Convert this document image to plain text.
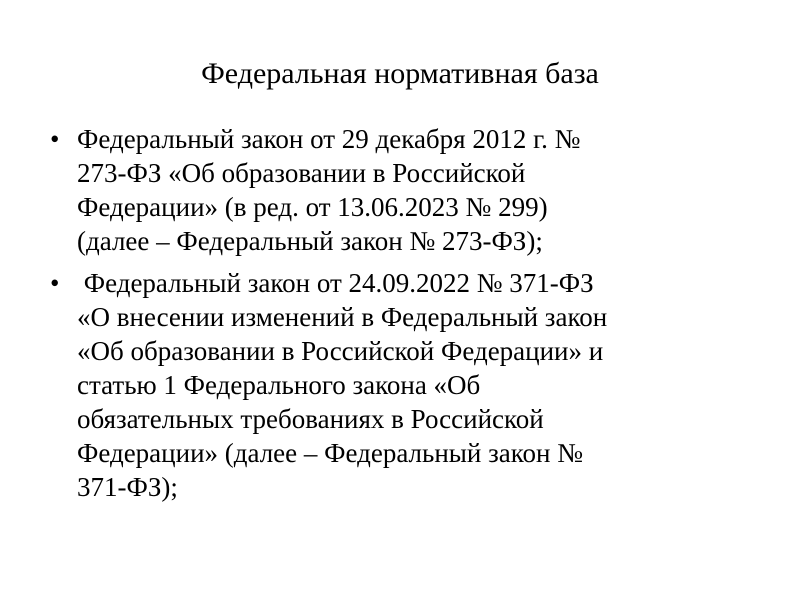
Федеральная нормативная база
• Федеральный закон от 29 декабря 2012 г. №
273-ФЗ «Об образовании в Российской
Федерации» (в ред. от 13.06.2023 № 299)
(далее – Федеральный закон № 273-ФЗ);
• Федеральный закон от 24.09.2022 № 371-ФЗ
«О внесении изменений в Федеральный закон
«Об образовании в Российской Федерации» и
статью 1 Федерального закона «Об
обязательных требованиях в Российской
Федерации» (далее – Федеральный закон №
371-ФЗ);
